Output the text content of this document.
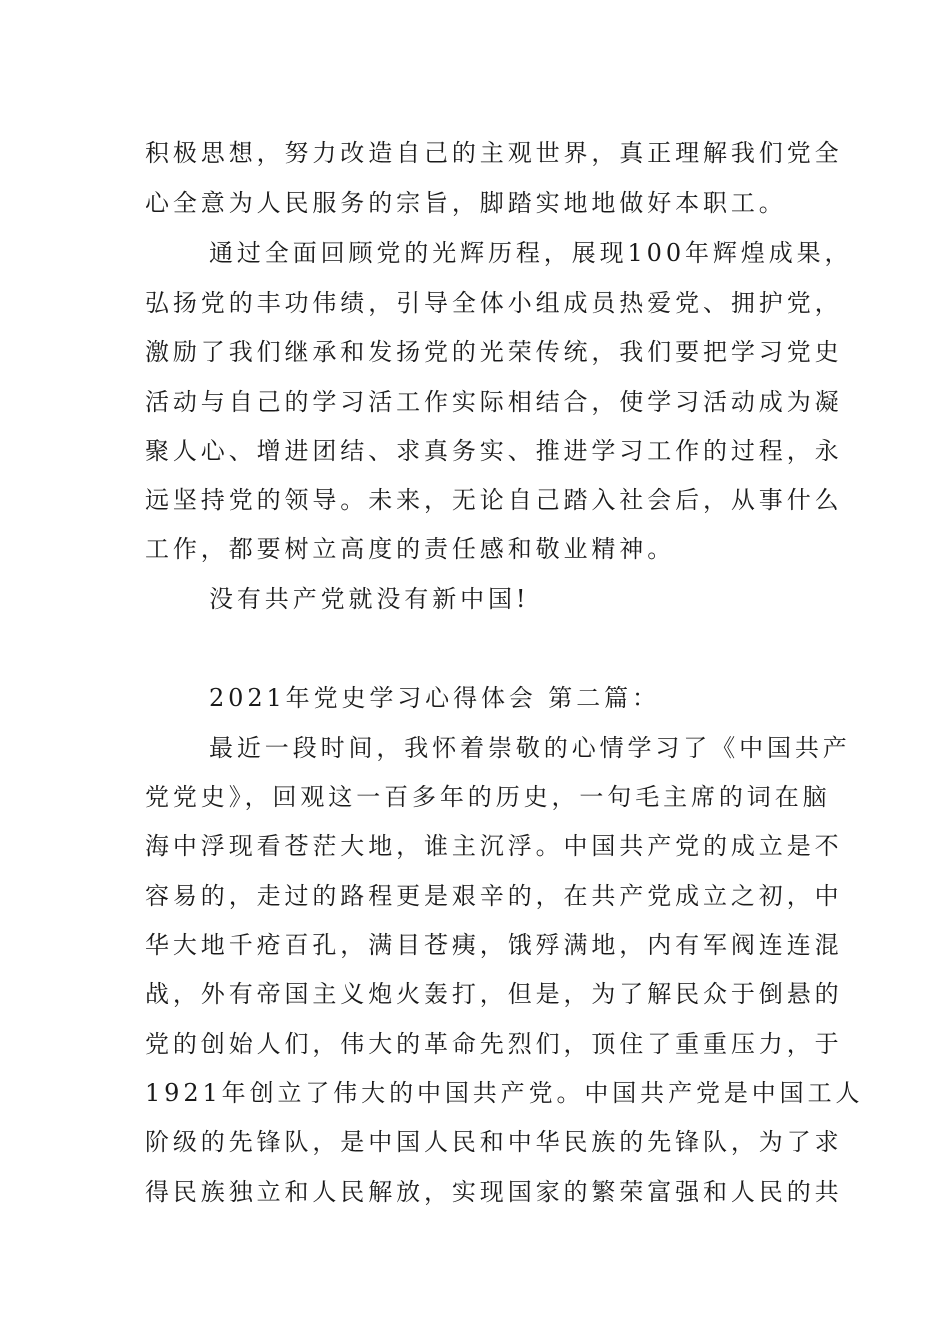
积极思想，努力改造自己的主观世界，真正理解我们党全
心全意为人民服务的宗旨，脚踏实地地做好本职工。
通过全面回顾党的光辉历程，展现100年辉煌成果，
弘扬党的丰功伟绩，引导全体小组成员热爱党、拥护党，
激励了我们继承和发扬党的光荣传统，我们要把学习党史
活动与自己的学习活工作实际相结合，使学习活动成为凝
聚人心、增进团结、求真务实、推进学习工作的过程，永
远坚持党的领导。未来，无论自己踏入社会后，从事什么
工作，都要树立高度的责任感和敬业精神。
没有共产党就没有新中国!
2021年党史学习心得体会 第二篇：
最近一段时间，我怀着崇敬的心情学习了《中国共产
党党史》，回观这一百多年的历史，一句毛主席的词在脑
海中浮现看苍茫大地，谁主沉浮。中国共产党的成立是不
容易的，走过的路程更是艰辛的，在共产党成立之初，中
华大地千疮百孔，满目苍痍，饿殍满地，内有军阀连连混
战，外有帝国主义炮火轰打，但是，为了解民众于倒悬的
党的创始人们，伟大的革命先烈们，顶住了重重压力，于
1921年创立了伟大的中国共产党。中国共产党是中国工人
阶级的先锋队，是中国人民和中华民族的先锋队，为了求
得民族独立和人民解放，实现国家的繁荣富强和人民的共
